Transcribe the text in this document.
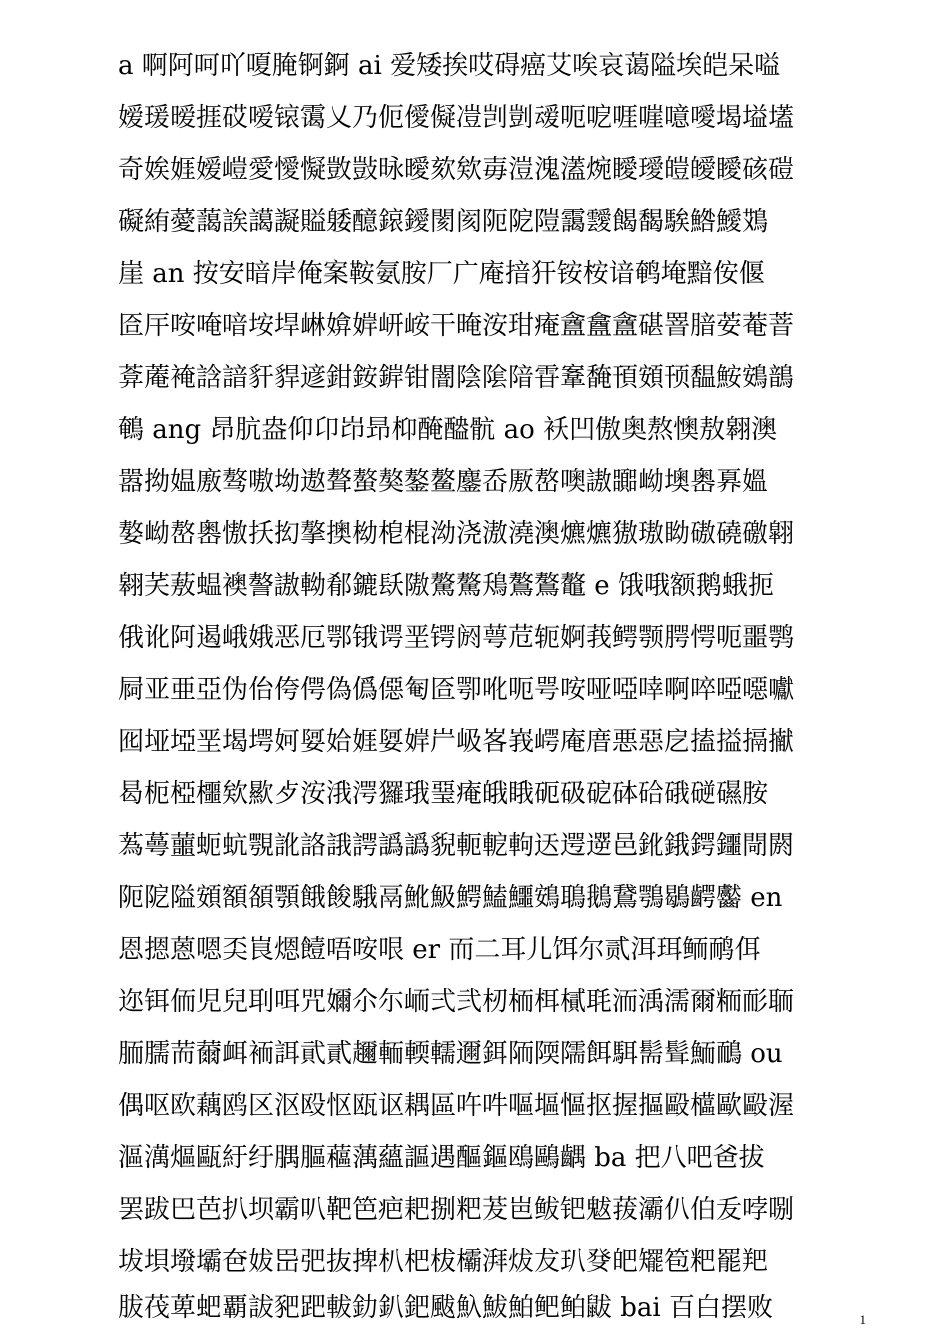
a 啊阿呵吖嗄腌锕錒 ai 爱矮挨哎碍癌艾唉哀蔼隘埃皑呆嗌
嫒瑗暧捱砹嗳锿霭乂乃伌僾儗凒剀剴叆呃呝啀嘊噫噯堨塧壒
奇娭娾嫒嵦愛懓懝敳敱昹曖欬欸毐溰溾濭焥瞹璦皚皧瞹硋磑
礙絠薆藹誒譪譺賹躷醷鎄鑀閡阂阨阸隑靄靉餲馤騃鯦鱫鴱
崖 an 按安暗岸俺案鞍氨胺厂广庵揞犴铵桉谙鹌埯黯侒偃
匼厈咹唵喑垵垾崊媕婩岍峖干晻洝玵痷盦盫盦碪罯腤荌菴萻
葊蓭裺誝諳豻貋遃鉗銨錌钳闇陰隂隌雸鞌馣頇頞顸馧鮟鴳鶕
鵪 ang 昂肮盎仰卬岇昻枊醃醠骯 ao 袄凹傲奥熬懊敖翱澳
嚣拗媪廒骜嗷坳遨聱螯獒鏊鳌鏖岙厫嶅噢謸嚻岰墺嶴奡媼
嫯岰嶅嶴慠扷抝摮擙柪梎棍泑浇滶澆澳爊爊獓璈眑磝磽礉翶
翱芺蔜蝹襖謷謸軪郩鏕镺隞驁驁鴁鷔鷔鼇 e 饿哦额鹅蛾扼
俄讹阿遏峨娥恶厄鄂锇谔垩锷阏萼苊轭婀莪鳄颚腭愕呃噩鹗
屙亚亜亞伪佁侉偔偽僞僫匎匼卾吪呃咢咹哑啞啈啊啐啞噁囐
囮垭埡垩堨堮妸娿姶娾娿婩屵岋峉峩崿庵庴悪惡戹搕搤搹擜
曷枙椏櫮欸歞歺洝涐湂玀珴琧痷皒睋砈砐砨砵硆硪磀礘胺
蒍蕚蘁蚅蚢覨訛詻誐諤譌譌貎軛軶軥迗遌遻邑鈋鋨鍔鑩閜閼
阨阸隘頞額頟顎餓餕騀鬲魤魥鰐鰪鱷鴳鵈鵝鵞鶚鶡齶齾 en
恩摁蒽嗯奀峎煾饐唔咹哏 er 而二耳儿饵尔贰洱珥鲕鸸佴
迩铒侕児兒刵咡咒嬭尒尓峏弍弐杒栭栮樲毦洏渪濡爾粫耏聏
胹臑荋薾衈袻誀貮貳趰輀輭轜邇鉺陑陾隭餌駬髵髶鮞鴯 ou
偶呕欧藕鸥区沤殴怄瓯讴耦區吘吽嘔塸慪抠握摳毆櫙歐毆渥
漚澫熰甌紆纡腢膒藲蕅蘊謳遇醧鏂鴎鷗齵 ba 把八吧爸拔
罢跋巴芭扒坝霸叭靶笆疤耙捌粑茇岜鲅钯魃菝灞仈伯叐哱哵
坺垻墢壩夿妭岊弝抜捭朳杷柭欛湃炦犮玐癹皅矲笣粑罷羓
胈茷萆蚆覇詙豝跁軷釛釟鈀颰魞鮁鮊鲃鲌鼥 bai 百白摆败	1
